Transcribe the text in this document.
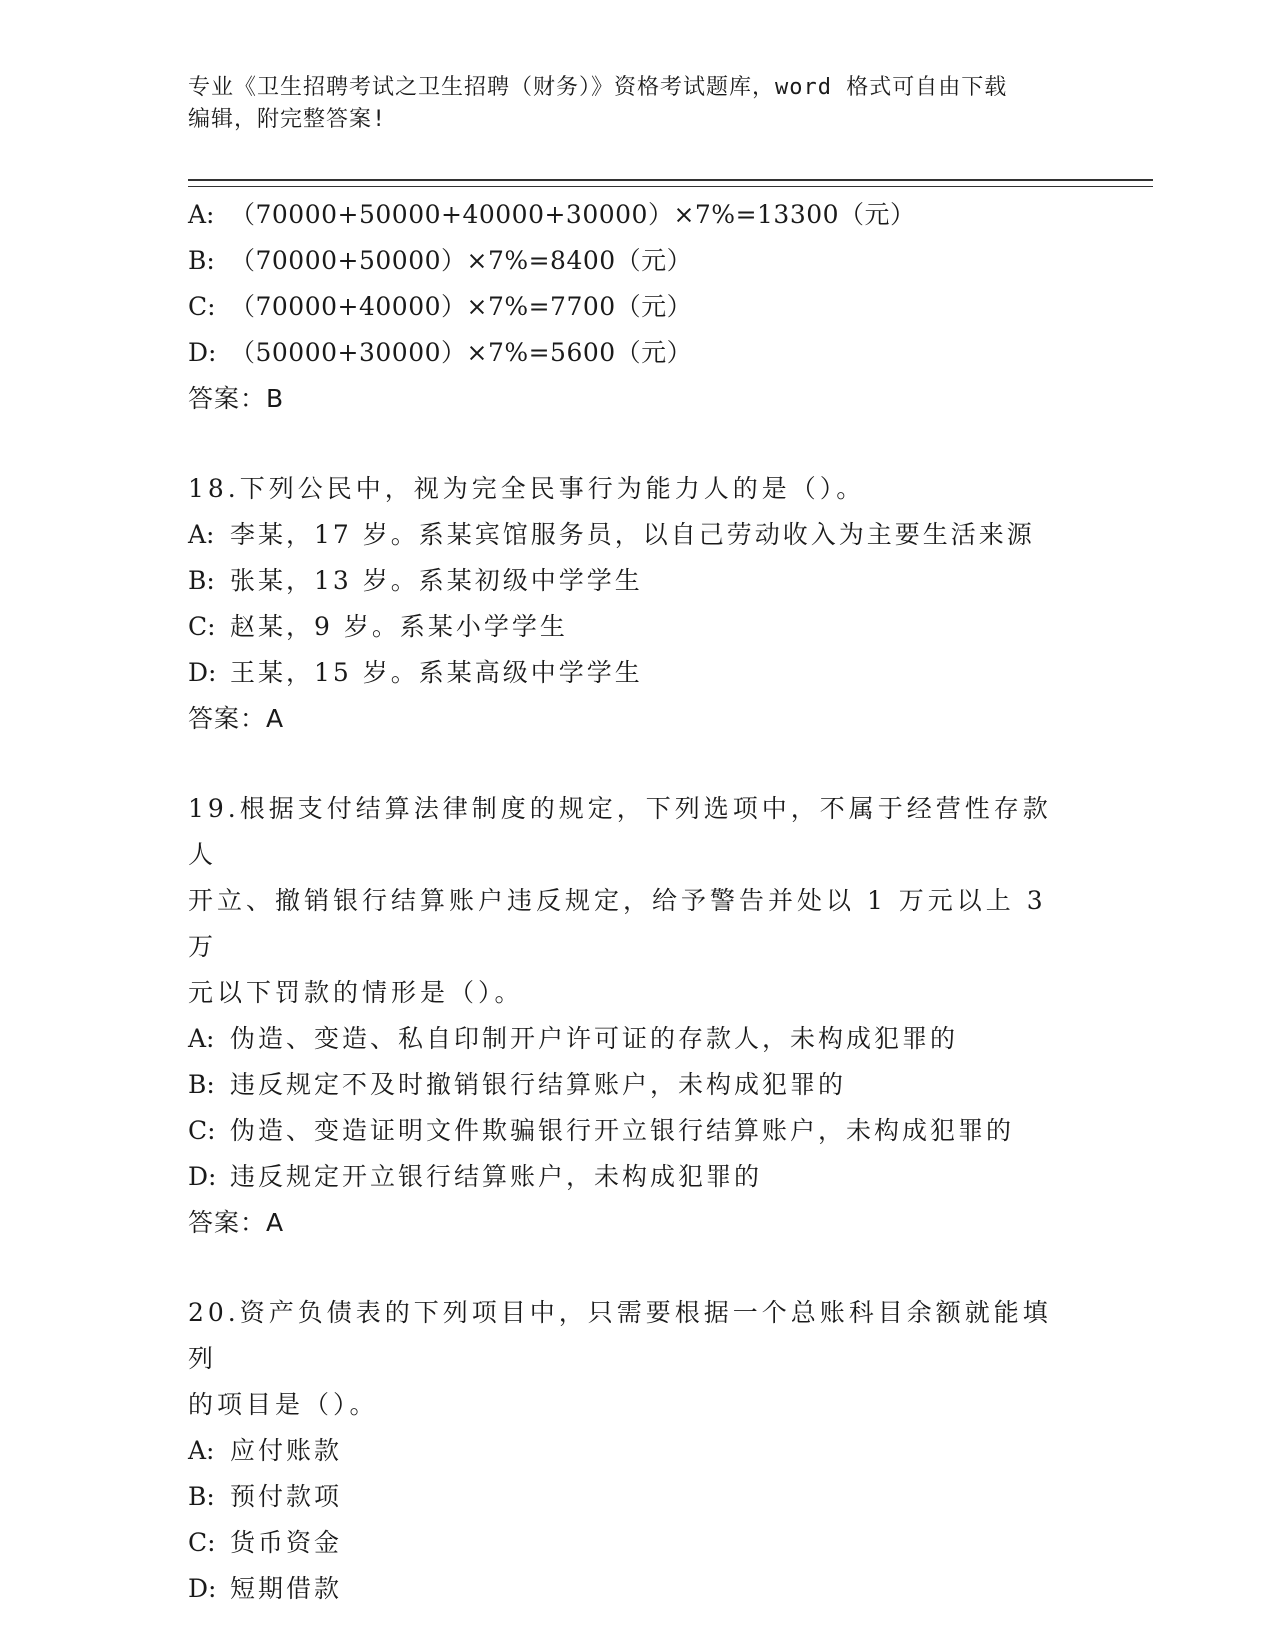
专业《卫生招聘考试之卫生招聘（财务）》资格考试题库，word 格式可自由下载
编辑，附完整答案!
A: （70000+50000+40000+30000）×7%=13300（元）
B: （70000+50000）×7%=8400（元）
C: （70000+40000）×7%=7700（元）
D: （50000+30000）×7%=5600（元）
答案：B
18.下列公民中，视为完全民事行为能力人的是（）。
A: 李某，17 岁。系某宾馆服务员，以自己劳动收入为主要生活来源
B: 张某，13 岁。系某初级中学学生
C: 赵某，9 岁。系某小学学生
D: 王某，15 岁。系某高级中学学生
答案：A
19.根据支付结算法律制度的规定，下列选项中，不属于经营性存款人
开立、撤销银行结算账户违反规定，给予警告并处以 1 万元以上 3 万
元以下罚款的情形是（）。
A: 伪造、变造、私自印制开户许可证的存款人，未构成犯罪的
B: 违反规定不及时撤销银行结算账户，未构成犯罪的
C: 伪造、变造证明文件欺骗银行开立银行结算账户，未构成犯罪的
D: 违反规定开立银行结算账户，未构成犯罪的
答案：A
20.资产负债表的下列项目中，只需要根据一个总账科目余额就能填列
的项目是（）。
A: 应付账款
B: 预付款项
C: 货币资金
D: 短期借款
